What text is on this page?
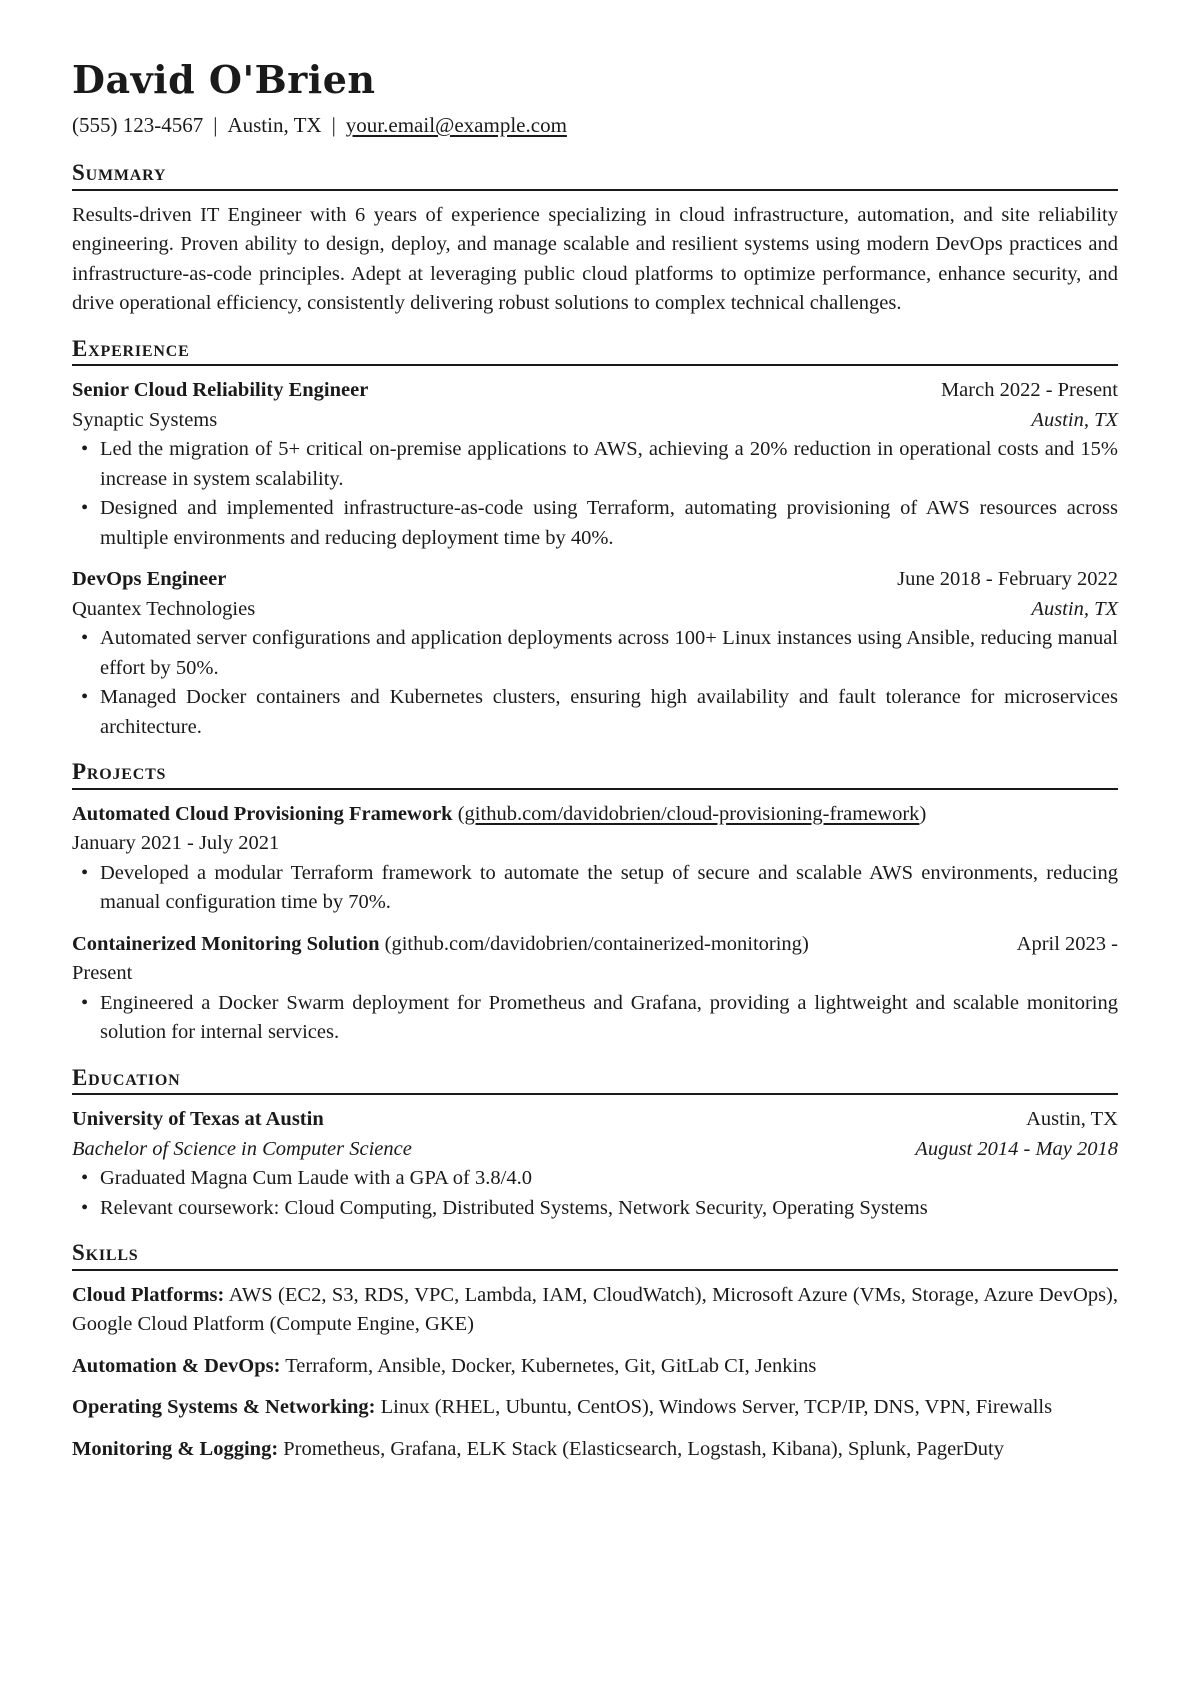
David O'Brien
(555) 123-4567 | Austin, TX | your.email@example.com
Summary
Results-driven IT Engineer with 6 years of experience specializing in cloud infrastructure, automation, and site reliability engineering. Proven ability to design, deploy, and manage scalable and resilient systems using modern DevOps practices and infrastructure-as-code principles. Adept at leveraging public cloud platforms to optimize performance, enhance security, and drive operational efficiency, consistently delivering robust solutions to complex technical challenges.
Experience
Senior Cloud Reliability Engineer	March 2022 - Present
Synaptic Systems	Austin, TX
• Led the migration of 5+ critical on-premise applications to AWS, achieving a 20% reduction in operational costs and 15% increase in system scalability.
• Designed and implemented infrastructure-as-code using Terraform, automating provisioning of AWS resources across multiple environments and reducing deployment time by 40%.
DevOps Engineer	June 2018 - February 2022
Quantex Technologies	Austin, TX
• Automated server configurations and application deployments across 100+ Linux instances using Ansible, reducing manual effort by 50%.
• Managed Docker containers and Kubernetes clusters, ensuring high availability and fault tolerance for microservices architecture.
Projects
Automated Cloud Provisioning Framework (github.com/davidobrien/cloud-provisioning-framework)
January 2021 - July 2021
• Developed a modular Terraform framework to automate the setup of secure and scalable AWS environments, reducing manual configuration time by 70%.
Containerized Monitoring Solution (github.com/davidobrien/containerized-monitoring)	April 2023 -
Present
• Engineered a Docker Swarm deployment for Prometheus and Grafana, providing a lightweight and scalable monitoring solution for internal services.
Education
University of Texas at Austin	Austin, TX
Bachelor of Science in Computer Science	August 2014 - May 2018
• Graduated Magna Cum Laude with a GPA of 3.8/4.0
• Relevant coursework: Cloud Computing, Distributed Systems, Network Security, Operating Systems
Skills
Cloud Platforms: AWS (EC2, S3, RDS, VPC, Lambda, IAM, CloudWatch), Microsoft Azure (VMs, Storage, Azure DevOps), Google Cloud Platform (Compute Engine, GKE)
Automation & DevOps: Terraform, Ansible, Docker, Kubernetes, Git, GitLab CI, Jenkins
Operating Systems & Networking: Linux (RHEL, Ubuntu, CentOS), Windows Server, TCP/IP, DNS, VPN, Firewalls
Monitoring & Logging: Prometheus, Grafana, ELK Stack (Elasticsearch, Logstash, Kibana), Splunk, PagerDuty
